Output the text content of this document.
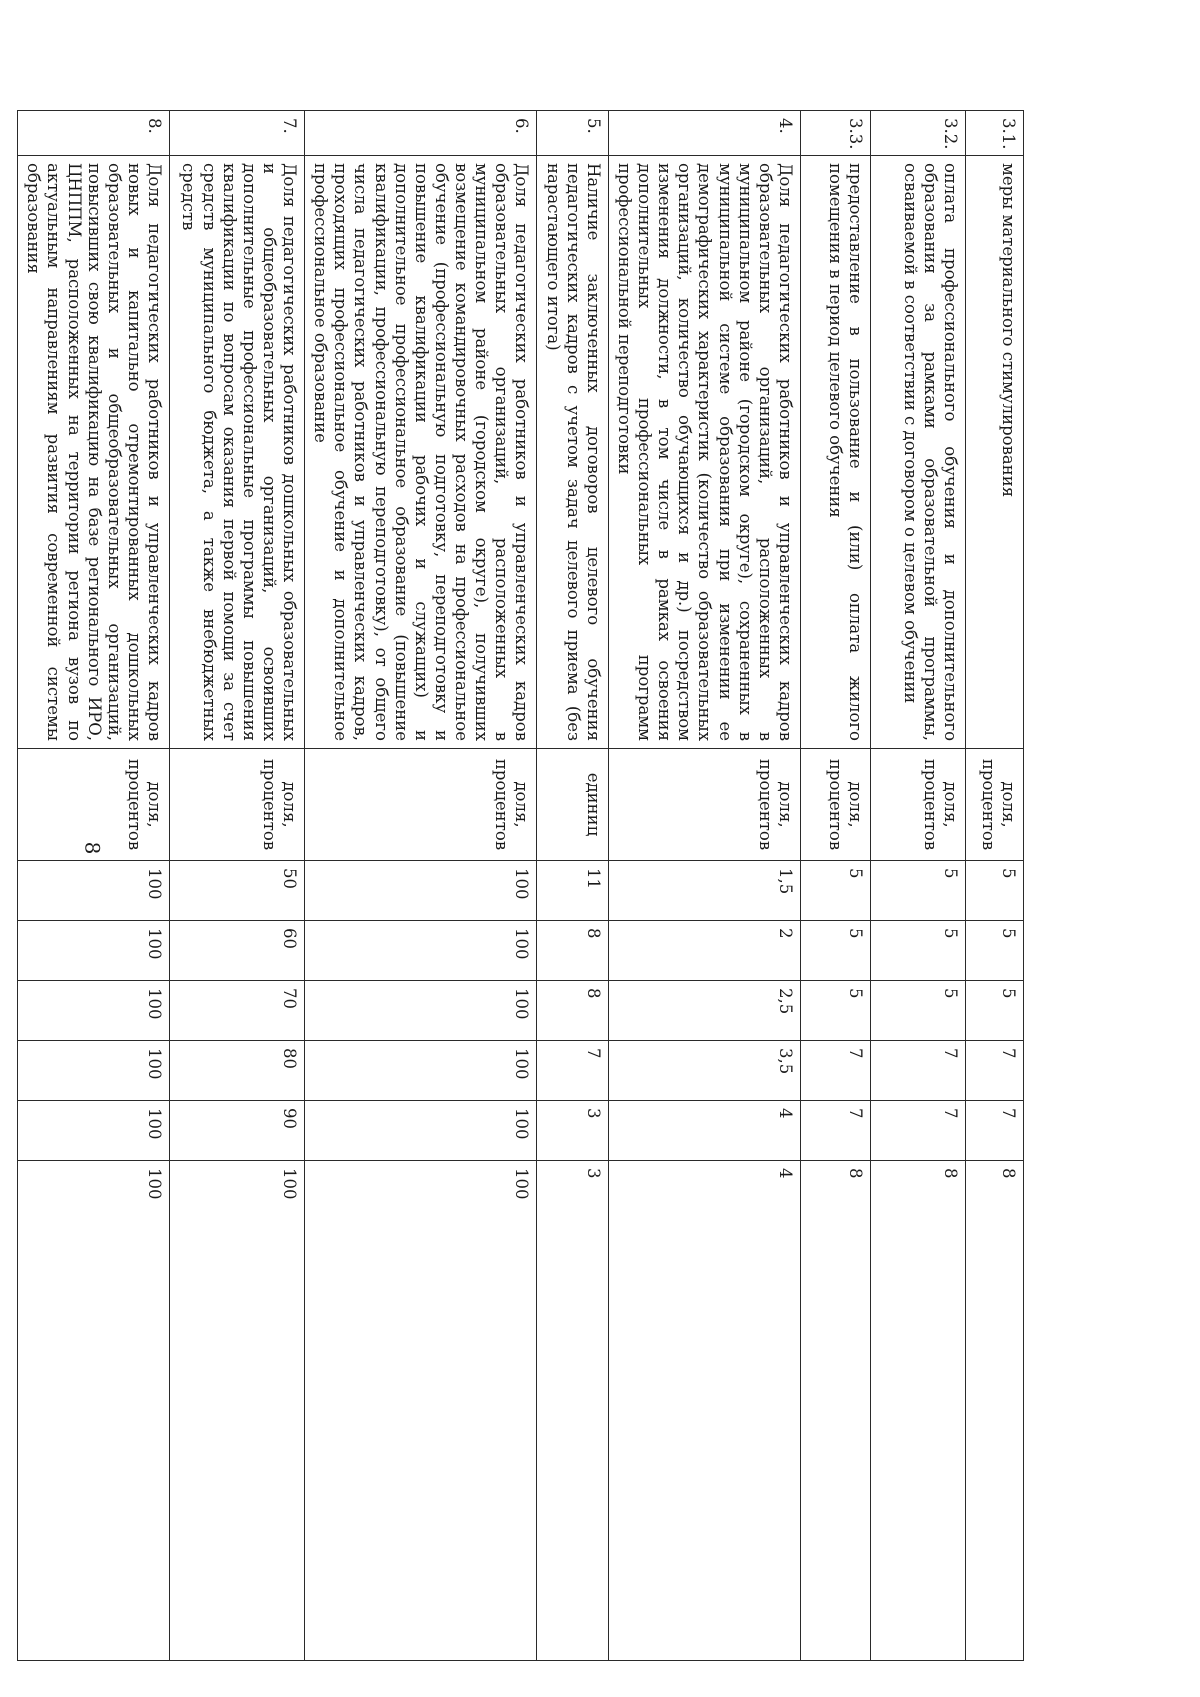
8
3.1.	меры материального стимулирования	доля, процентов	5	5	5	7	7	8	
3.2.	оплата профессионального обучения и дополнительного образования за рамками образовательной программы, осваиваемой в соответствии с договором о целевом обучении	доля, процентов	5	5	5	7	7	8	
3.3.	предоставление в пользование и (или) оплата жилого помещения в период целевого обучения	доля, процентов	5	5	5	7	7	8	
4.	Доля педагогических работников и управленческих кадров образовательных организаций, расположенных в муниципальном районе (городском округе), сохраненных в муниципальной системе образования при изменении ее демографических характеристик (количество образовательных организаций, количество обучающихся и др.) посредством изменения должности, в том числе в рамках освоения дополнительных профессиональных программ профессиональной переподготовки	доля, процентов	1,5	2	2,5	3,5	4	4	
5.	Наличие заключенных договоров целевого обучения педагогических кадров с учетом задач целевого приема (без нарастающего итога)	единиц	11	8	8	7	3	3	
6.	Доля педагогических работников и управленческих кадров образовательных организаций, расположенных в муниципальном районе (городском округе), получивших возмещение командировочных расходов на профессиональное обучение (профессиональную подготовку, переподготовку и повышение квалификации рабочих и служащих) и дополнительное профессиональное образование (повышение квалификации, профессиональную переподготовку), от общего числа педагогических работников и управленческих кадров, проходящих профессиональное обучение и дополнительное профессиональное образование	доля, процентов	100	100	100	100	100	100	
7.	Доля педагогических работников дошкольных образовательных и общеобразовательных организаций, освоивших дополнительные профессиональные программы повышения квалификации по вопросам оказания первой помощи за счет средств муниципального бюджета, а также внебюджетных средств	доля, процентов	50	60	70	80	90	100	
8.	Доля педагогических работников и управленческих кадров новых и капитально отремонтированных дошкольных образовательных и общеобразовательных организаций, повысивших свою квалификацию на базе регионального ИРО, ЦНППМ, расположенных на территории региона вузов по актуальным направлениям развития современной системы образования	доля, процентов	100	100	100	100	100	100	
